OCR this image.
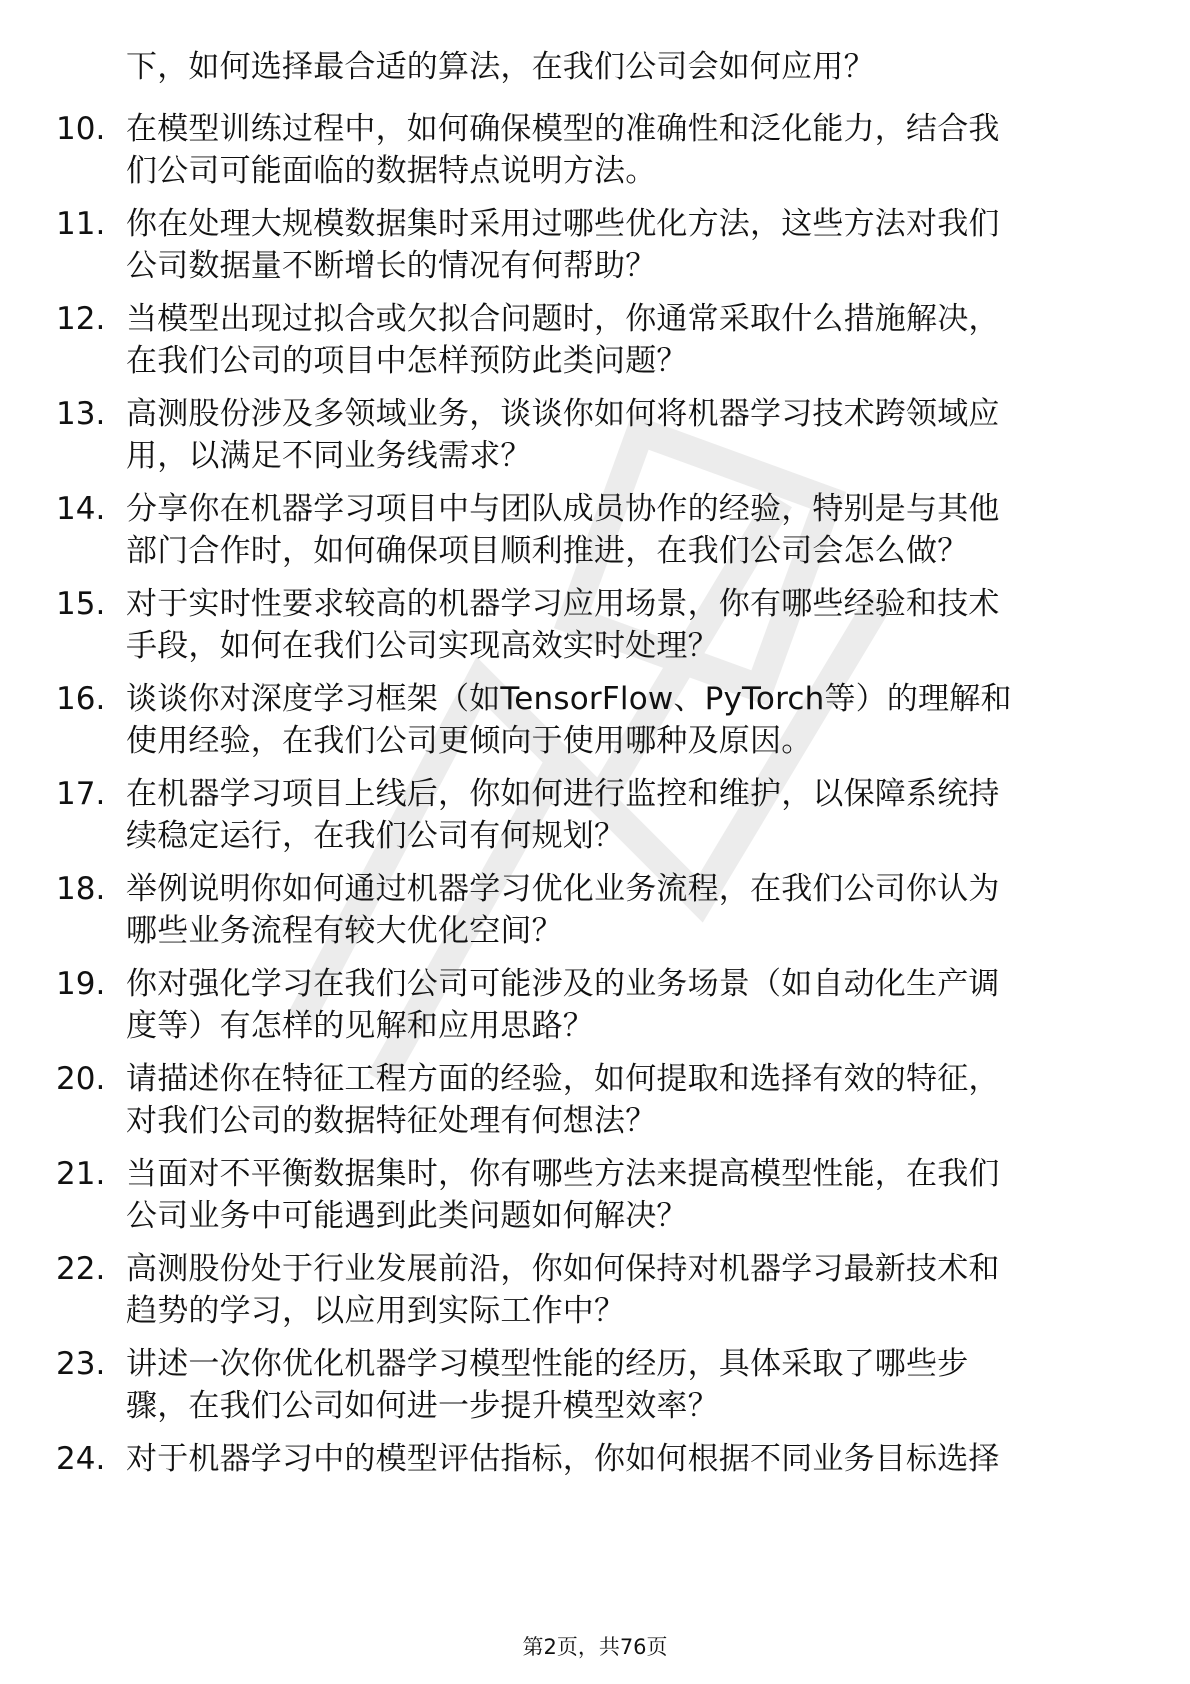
下，如何选择最合适的算法，在我们公司会如何应用？
10. 在模型训练过程中，如何确保模型的准确性和泛化能力，结合我
们公司可能面临的数据特点说明方法。
11. 你在处理大规模数据集时采用过哪些优化方法，这些方法对我们
公司数据量不断增长的情况有何帮助？
12. 当模型出现过拟合或欠拟合问题时，你通常采取什么措施解决，
在我们公司的项目中怎样预防此类问题？
13. 高测股份涉及多领域业务，谈谈你如何将机器学习技术跨领域应
用，以满足不同业务线需求？
14. 分享你在机器学习项目中与团队成员协作的经验，特别是与其他
部门合作时，如何确保项目顺利推进，在我们公司会怎么做？
15. 对于实时性要求较高的机器学习应用场景，你有哪些经验和技术
手段，如何在我们公司实现高效实时处理？
16. 谈谈你对深度学习框架（如TensorFlow、PyTorch等）的理解和
使用经验，在我们公司更倾向于使用哪种及原因。
17. 在机器学习项目上线后，你如何进行监控和维护，以保障系统持
续稳定运行，在我们公司有何规划？
18. 举例说明你如何通过机器学习优化业务流程，在我们公司你认为
哪些业务流程有较大优化空间？
19. 你对强化学习在我们公司可能涉及的业务场景（如自动化生产调
度等）有怎样的见解和应用思路？
20. 请描述你在特征工程方面的经验，如何提取和选择有效的特征，
对我们公司的数据特征处理有何想法？
21. 当面对不平衡数据集时，你有哪些方法来提高模型性能，在我们
公司业务中可能遇到此类问题如何解决？
22. 高测股份处于行业发展前沿，你如何保持对机器学习最新技术和
趋势的学习，以应用到实际工作中？
23. 讲述一次你优化机器学习模型性能的经历，具体采取了哪些步
骤，在我们公司如何进一步提升模型效率？
24. 对于机器学习中的模型评估指标，你如何根据不同业务目标选择
第2页，共76页
